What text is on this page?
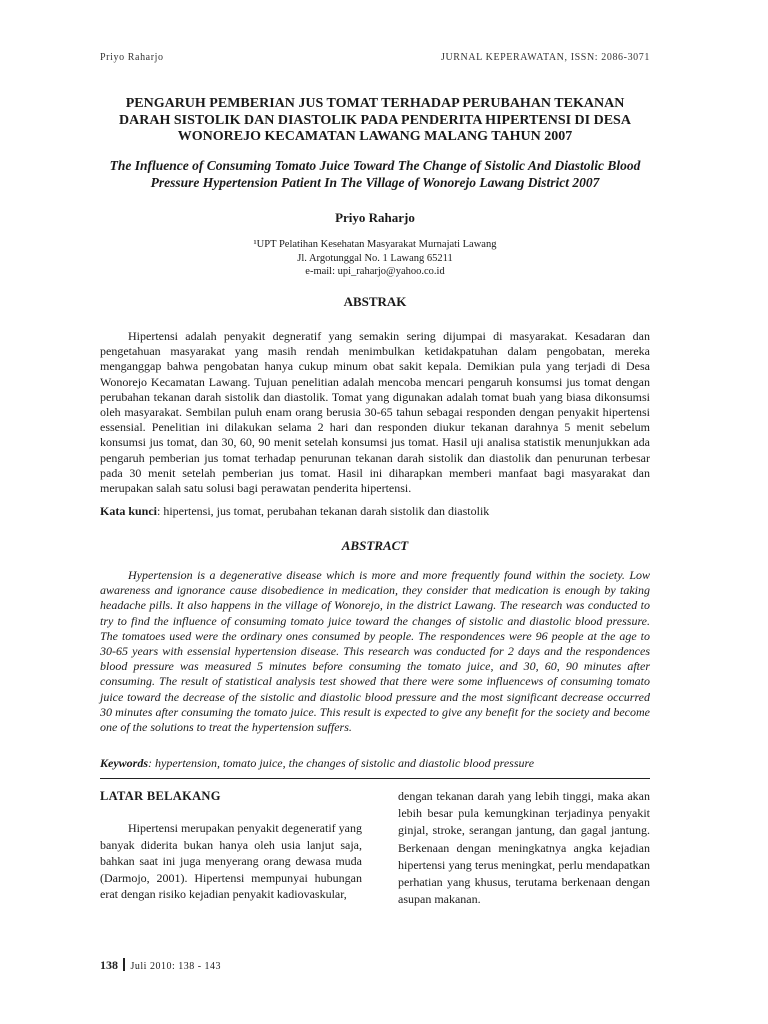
Priyo Raharjo	JURNAL KEPERAWATAN, ISSN: 2086-3071
PENGARUH PEMBERIAN JUS TOMAT TERHADAP PERUBAHAN TEKANAN DARAH SISTOLIK DAN DIASTOLIK PADA PENDERITA HIPERTENSI DI DESA WONOREJO KECAMATAN LAWANG MALANG TAHUN 2007
The Influence of Consuming Tomato Juice Toward The Change of Sistolic And Diastolic Blood Pressure Hypertension Patient In The Village of Wonorejo Lawang District 2007
Priyo Raharjo
¹UPT Pelatihan Kesehatan Masyarakat Murnajati Lawang
Jl. Argotunggal No. 1 Lawang 65211
e-mail: upi_raharjo@yahoo.co.id
ABSTRAK

Hipertensi adalah penyakit degneratif yang semakin sering dijumpai di masyarakat. Kesadaran dan pengetahuan masyarakat yang masih rendah menimbulkan ketidakpatuhan dalam pengobatan, mereka menganggap bahwa pengobatan hanya cukup minum obat sakit kepala. Demikian pula yang terjadi di Desa Wonorejo Kecamatan Lawang. Tujuan penelitian adalah mencoba mencari pengaruh konsumsi jus tomat dengan perubahan tekanan darah sistolik dan diastolik. Tomat yang digunakan adalah tomat buah yang biasa dikonsumsi oleh masyarakat. Sembilan puluh enam orang berusia 30-65 tahun sebagai responden dengan penyakit hipertensi essensial. Penelitian ini dilakukan selama 2 hari dan responden diukur tekanan darahnya 5 menit sebelum konsumsi jus tomat, dan 30, 60, 90 menit setelah konsumsi jus tomat. Hasil uji analisa statistik menunjukkan ada pengaruh pemberian jus tomat terhadap penurunan tekanan darah sistolik dan diastolik dan penurunan terbesar pada 30 menit setelah pemberian jus tomat. Hasil ini diharapkan memberi manfaat bagi masyarakat dan merupakan salah satu solusi bagi perawatan penderita hipertensi.

Kata kunci: hipertensi, jus tomat, perubahan tekanan darah sistolik dan diastolik
ABSTRACT

Hypertension is a degenerative disease which is more and more frequently found within the society. Low awareness and ignorance cause disobedience in medication, they consider that medication is enough by taking headache pills. It also happens in the village of Wonorejo, in the district Lawang. The research was conducted to try to find the influence of consuming tomato juice toward the changes of sistolic and diastolic blood pressure. The tomatoes used were the ordinary ones consumed by people. The respondences were 96 people at the age to 30-65 years with essensial hypertension disease. This research was conducted for 2 days and the respondences blood pressure was measured 5 minutes before consuming the tomato juice, and 30, 60, 90 minutes after consuming. The result of statistical analysis test showed that there were some influencews of consuming tomato juice toward the decrease of the sistolic and diastolic blood pressure and the most significant decrease occurred 30 minutes after consuming the tomato juice. This result is expected to give any benefit for the society and become one of the solutions to treat the hypertension suffers.

Keywords: hypertension, tomato juice, the changes of sistolic and diastolic blood pressure
LATAR BELAKANG

Hipertensi merupakan penyakit degeneratif yang banyak diderita bukan hanya oleh usia lanjut saja, bahkan saat ini juga menyerang orang dewasa muda (Darmojo, 2001). Hipertensi mempunyai hubungan erat dengan risiko kejadian penyakit kadiovaskular,

dengan tekanan darah yang lebih tinggi, maka akan lebih besar pula kemungkinan terjadinya penyakit ginjal, stroke, serangan jantung, dan gagal jantung. Berkenaan dengan meningkatnya angka kejadian hipertensi yang terus meningkat, perlu mendapatkan perhatian yang khusus, terutama berkenaan dengan asupan makanan.

138 Juli 2010: 138 - 143
